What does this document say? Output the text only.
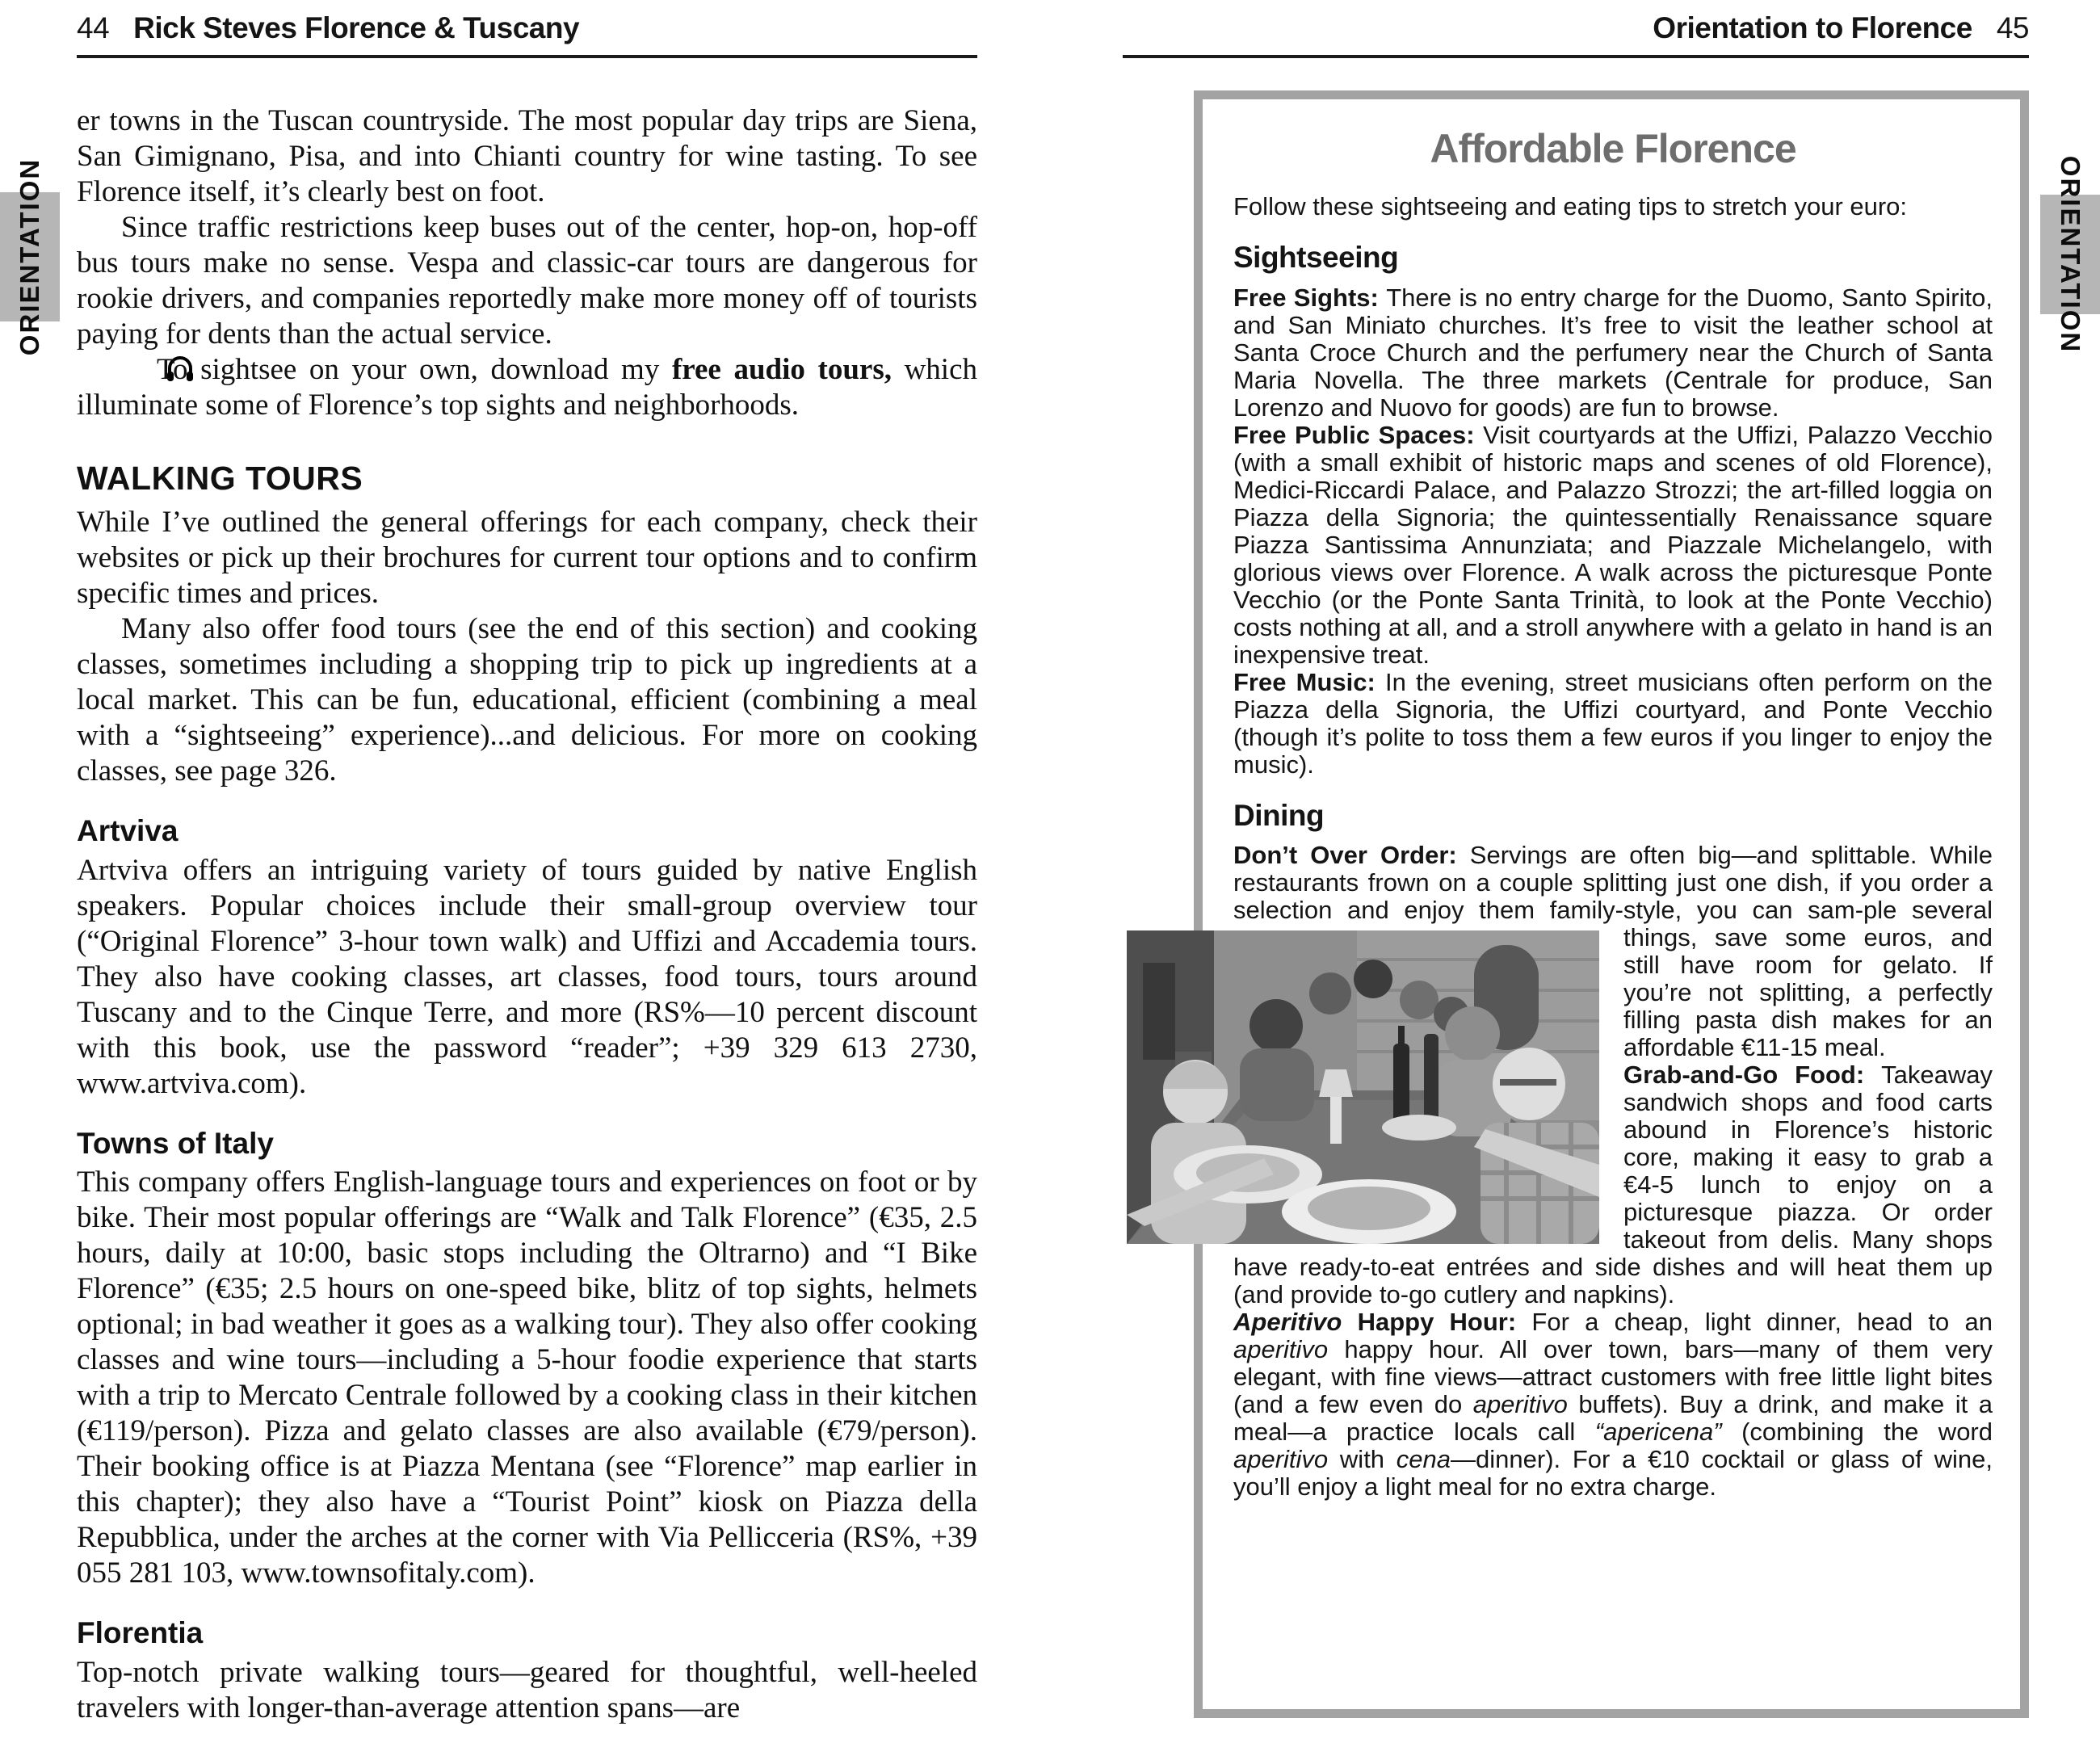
ORIENTATION	ORIENTATION
44 Rick Steves Florence & Tuscany

er towns in the Tuscan countryside. The most popular day trips are Siena, San Gimignano, Pisa, and into Chianti country for wine tasting. To see Florence itself, it’s clearly best on foot.

Since traffic restrictions keep buses out of the center, hop-on, hop-off bus tours make no sense. Vespa and classic-car tours are dangerous for rookie drivers, and companies reportedly make more money off of tourists paying for dents than the actual service.

To sightsee on your own, download my free audio tours, which illuminate some of Florence’s top sights and neighborhoods.

WALKING TOURS

While I’ve outlined the general offerings for each company, check their websites or pick up their brochures for current tour options and to confirm specific times and prices.

Many also offer food tours (see the end of this section) and cooking classes, sometimes including a shopping trip to pick up ingredients at a local market. This can be fun, educational, efficient (combining a meal with a “sightseeing” experience)...and delicious. For more on cooking classes, see page 326.

Artviva

Artviva offers an intriguing variety of tours guided by native English speakers. Popular choices include their small-group overview tour (“Original Florence” 3-hour town walk) and Uffizi and Accademia tours. They also have cooking classes, art classes, food tours, tours around Tuscany and to the Cinque Terre, and more (RS%—10 percent discount with this book, use the password “reader”; +39 329 613 2730, www.artviva.com).

Towns of Italy

This company offers English-language tours and experiences on foot or by bike. Their most popular offerings are “Walk and Talk Florence” (€35, 2.5 hours, daily at 10:00, basic stops including the Oltrarno) and “I Bike Florence” (€35; 2.5 hours on one-speed bike, blitz of top sights, helmets optional; in bad weather it goes as a walking tour). They also offer cooking classes and wine tours—including a 5-hour foodie experience that starts with a trip to Mercato Centrale followed by a cooking class in their kitchen (€119/person). Pizza and gelato classes are also available (€79/person). Their booking office is at Piazza Mentana (see “Florence” map earlier in this chapter); they also have a “Tourist Point” kiosk on Piazza della Repubblica, under the arches at the corner with Via Pellicceria (RS%, +39 055 281 103, www.townsofitaly.com).

Florentia

Top-notch private walking tours—geared for thoughtful, well-heeled travelers with longer-than-average attention spans—are

Orientation to Florence 45
Affordable Florence

Follow these sightseeing and eating tips to stretch your euro:

Sightseeing

Free Sights: There is no entry charge for the Duomo, Santo Spirito, and San Miniato churches. It’s free to visit the leather school at Santa Croce Church and the perfumery near the Church of Santa Maria Novella. The three markets (Centrale for produce, San Lorenzo and Nuovo for goods) are fun to browse.

Free Public Spaces: Visit courtyards at the Uffizi, Palazzo Vecchio (with a small exhibit of historic maps and scenes of old Florence), Medici-Riccardi Palace, and Palazzo Strozzi; the art-filled loggia on Piazza della Signoria; the quintessentially Renaissance square Piazza Santissima Annunziata; and Piazzale Michelangelo, with glorious views over Florence. A walk across the picturesque Ponte Vecchio (or the Ponte Santa Trinità, to look at the Ponte Vecchio) costs nothing at all, and a stroll anywhere with a gelato in hand is an inexpensive treat.

Free Music: In the evening, street musicians often perform on the Piazza della Signoria, the Uffizi courtyard, and Ponte Vecchio (though it’s polite to toss them a few euros if you linger to enjoy the music).

Dining

Don’t Over Order: Servings are often big—and splittable. While restaurants frown on a couple splitting just one dish, if you order a selection and enjoy them family-style, you can sam-
ple several things, save some euros, and still have room for gelato. If you’re not splitting, a perfectly filling pasta dish makes for an affordable €11-15 meal.

Grab-and-Go Food: Takeaway sandwich shops and food carts abound in Florence’s historic core, making it easy to grab a €4-5 lunch to enjoy on a picturesque piazza. Or order takeout from delis. Many shops have ready-to-eat entrées and side dishes and will heat them up (and provide to-go cutlery and napkins).

Aperitivo Happy Hour: For a cheap, light dinner, head to an aperitivo happy hour. All over town, bars—many of them very elegant, with fine views—attract customers with free little light bites (and a few even do aperitivo buffets). Buy a drink, and make it a meal—a practice locals call “apericena” (combining the word aperitivo with cena—dinner). For a €10 cocktail or glass of wine, you’ll enjoy a light meal for no extra charge.
